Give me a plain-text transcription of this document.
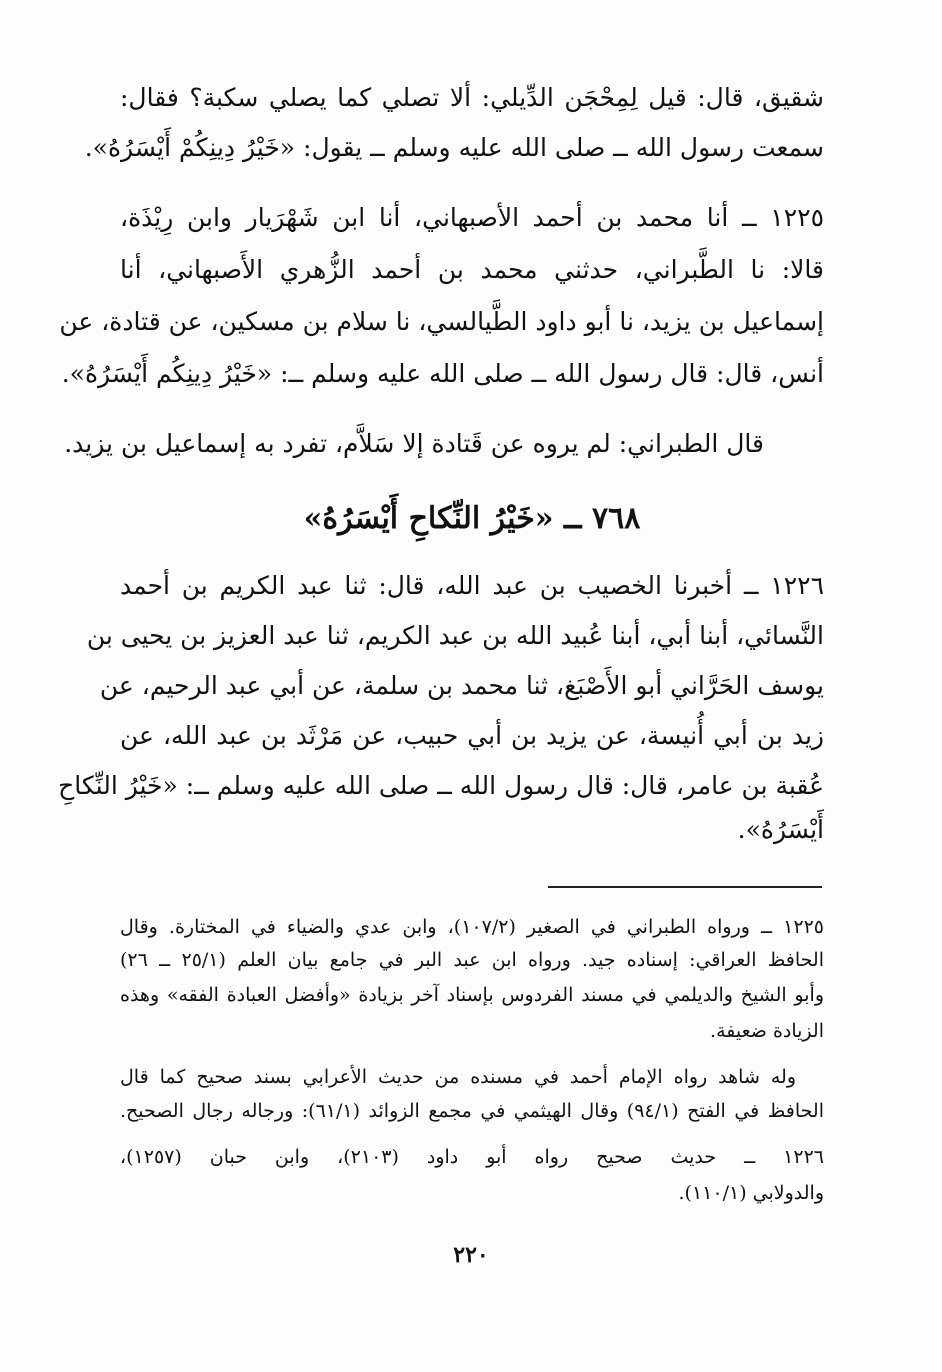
شقيق، قال: قيل لِمِحْجَن الدِّيلي: ألا تصلي كما يصلي سكبة؟ فقال:
سمعت رسول الله ــ صلى الله عليه وسلم ــ يقول: «خَيْرُ دِينِكُمْ أَيْسَرُهُ».
١٢٢٥ ــ أنا محمد بن أحمد الأصبهاني، أنا ابن شَهْرَيار وابن رِيْذَة،
قالا: نا الطَّبراني، حدثني محمد بن أحمد الزُّهري الأَصبهاني، أنا
إسماعيل بن يزيد، نا أبو داود الطَّيالسي، نا سلام بن مسكين، عن قتادة، عن
أنس، قال: قال رسول الله ــ صلى الله عليه وسلم ــ: «خَيْرُ دِينِكُم أَيْسَرُهُ».
قال الطبراني: لم يروه عن قَتادة إلا سَلاَّم، تفرد به إسماعيل بن يزيد.
٧٦٨ ــ «خَيْرُ النِّكاحِ أَيْسَرُهُ»
١٢٢٦ ــ أخبرنا الخصيب بن عبد الله، قال: ثنا عبد الكريم بن أحمد
النَّسائي، أبنا أبي، أبنا عُبيد الله بن عبد الكريم، ثنا عبد العزيز بن يحيى بن
يوسف الحَرَّاني أبو الأَصْبَغ، ثنا محمد بن سلمة، عن أبي عبد الرحيم، عن
زيد بن أبي أُنيسة، عن يزيد بن أبي حبيب، عن مَرْثَد بن عبد الله، عن
عُقبة بن عامر، قال: قال رسول الله ــ صلى الله عليه وسلم ــ: «خَيْرُ النِّكاحِ
أَيْسَرُهُ».
١٢٢٥ ــ ورواه الطبراني في الصغير (١٠٧/٢)، وابن عدي والضياء في المختارة. وقال
الحافظ العراقي: إسناده جيد. ورواه ابن عبد البر في جامع بيان العلم (٢٥/١ ــ ٢٦)
وأبو الشيخ والديلمي في مسند الفردوس بإسناد آخر بزيادة «وأفضل العبادة الفقه» وهذه
الزيادة ضعيفة.
وله شاهد رواه الإمام أحمد في مسنده من حديث الأعرابي بسند صحيح كما قال
الحافظ في الفتح (٩٤/١) وقال الهيثمي في مجمع الزوائد (٦١/١): ورجاله رجال الصحيح.
١٢٢٦ ــ حديث صحيح رواه أبو داود (٢١٠٣)، وابن حبان (١٢٥٧)،
والدولابي (١١٠/١).
٢٢٠
